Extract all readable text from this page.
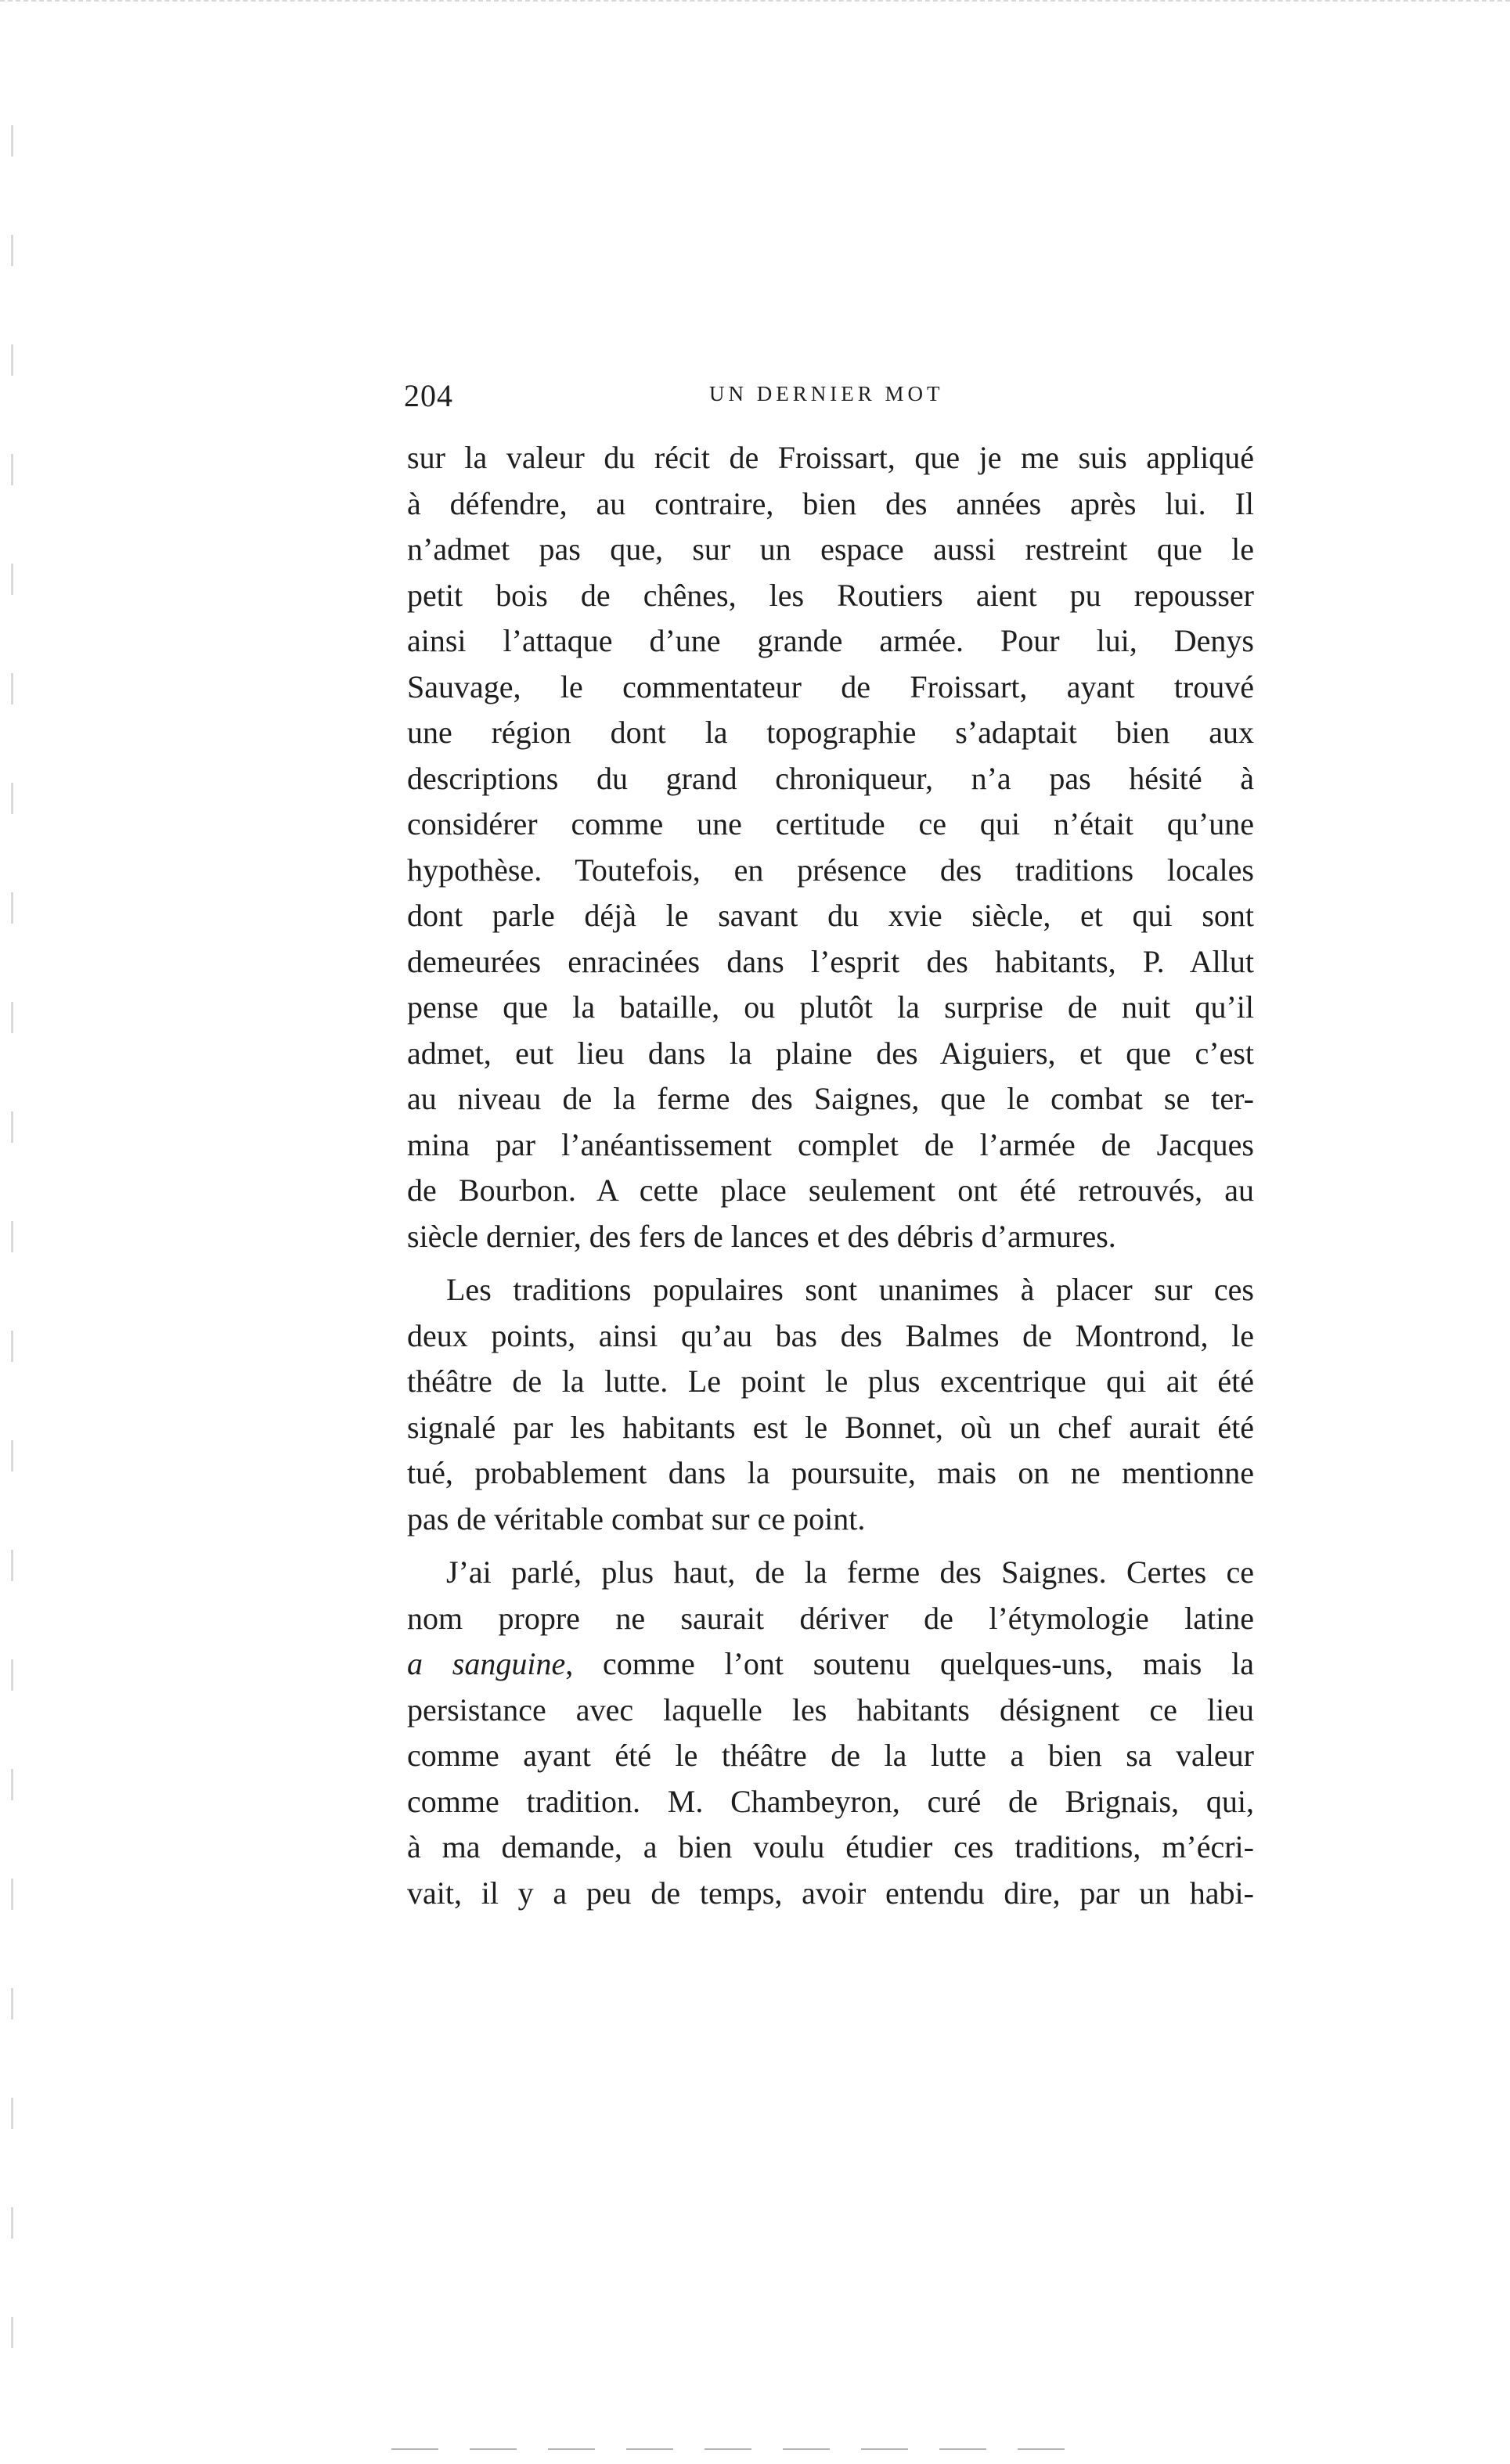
204	UN DERNIER MOT
sur la valeur du récit de Froissart, que je me suis appliqué
à défendre, au contraire, bien des années après lui. Il
n’admet pas que, sur un espace aussi restreint que le
petit bois de chênes, les Routiers aient pu repousser
ainsi l’attaque d’une grande armée. Pour lui, Denys
Sauvage, le commentateur de Froissart, ayant trouvé
une région dont la topographie s’adaptait bien aux
descriptions du grand chroniqueur, n’a pas hésité à
considérer comme une certitude ce qui n’était qu’une
hypothèse. Toutefois, en présence des traditions locales
dont parle déjà le savant du xvie siècle, et qui sont
demeurées enracinées dans l’esprit des habitants, P. Allut
pense que la bataille, ou plutôt la surprise de nuit qu’il
admet, eut lieu dans la plaine des Aiguiers, et que c’est
au niveau de la ferme des Saignes, que le combat se ter-
mina par l’anéantissement complet de l’armée de Jacques
de Bourbon. A cette place seulement ont été retrouvés, au
siècle dernier, des fers de lances et des débris d’armures.
Les traditions populaires sont unanimes à placer sur ces
deux points, ainsi qu’au bas des Balmes de Montrond, le
théâtre de la lutte. Le point le plus excentrique qui ait été
signalé par les habitants est le Bonnet, où un chef aurait été
tué, probablement dans la poursuite, mais on ne mentionne
pas de véritable combat sur ce point.
J’ai parlé, plus haut, de la ferme des Saignes. Certes ce
nom propre ne saurait dériver de l’étymologie latine
a sanguine, comme l’ont soutenu quelques-uns, mais la
persistance avec laquelle les habitants désignent ce lieu
comme ayant été le théâtre de la lutte a bien sa valeur
comme tradition. M. Chambeyron, curé de Brignais, qui,
à ma demande, a bien voulu étudier ces traditions, m’écri-
vait, il y a peu de temps, avoir entendu dire, par un habi-
